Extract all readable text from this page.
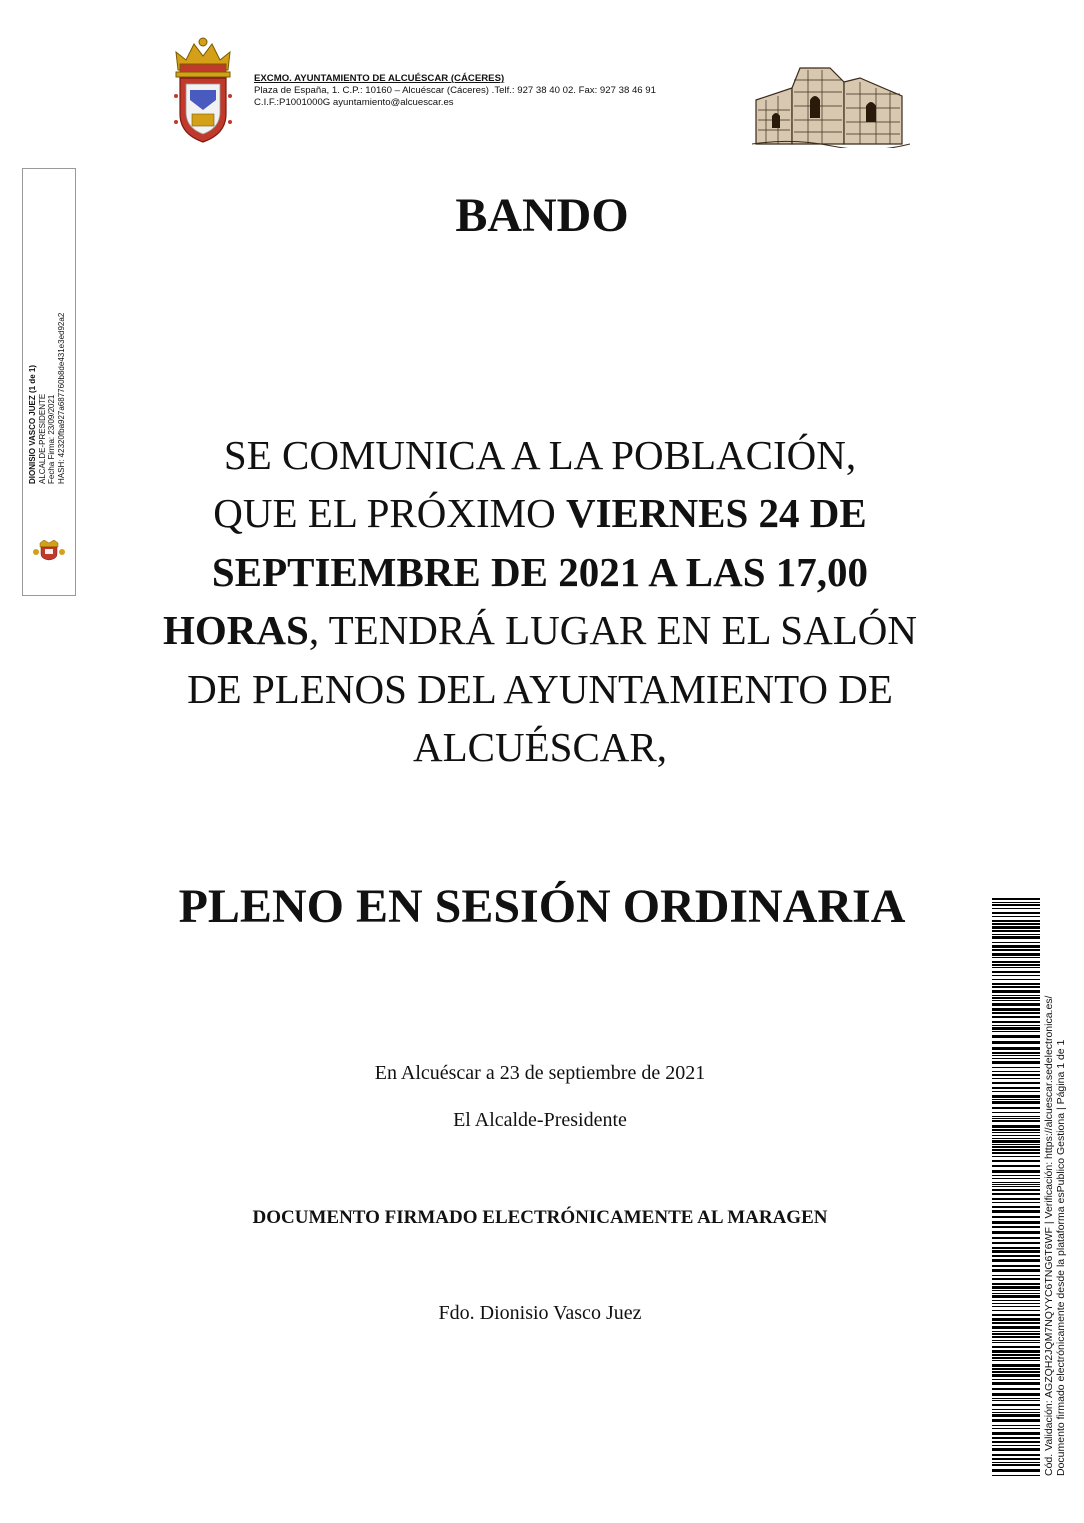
EXCMO. AYUNTAMIENTO DE ALCUÉSCAR (CÁCERES)
Plaza de España, 1. C.P.: 10160 – Alcuéscar (Cáceres) .Telf.: 927 38 40 02. Fax: 927 38 46 91
C.I.F.:P1001000G ayuntamiento@alcuescar.es
DIONISIO VASCO JUEZ (1 de 1) ALCALDE-PRESIDENTE Fecha Firma: 23/09/2021 HASH: 42320fba927a687760b8de431e3ed92a2
BANDO
SE COMUNICA A LA POBLACIÓN,
QUE EL PRÓXIMO VIERNES 24 DE SEPTIEMBRE DE 2021 A LAS 17,00 HORAS, TENDRÁ LUGAR EN EL SALÓN DE PLENOS DEL AYUNTAMIENTO DE ALCUÉSCAR,
PLENO EN SESIÓN ORDINARIA
En Alcuéscar a 23 de septiembre de 2021
El Alcalde-Presidente
DOCUMENTO FIRMADO ELECTRÓNICAMENTE AL MARAGEN
Fdo. Dionisio Vasco Juez	Cód. Validación: AGZQH2JQM7NQYYC6TNG6T6WF | Verificación: https://alcuescar.sedelectronica.es/ Documento firmado electrónicamente desde la plataforma esPublico Gestiona | Página 1 de 1
